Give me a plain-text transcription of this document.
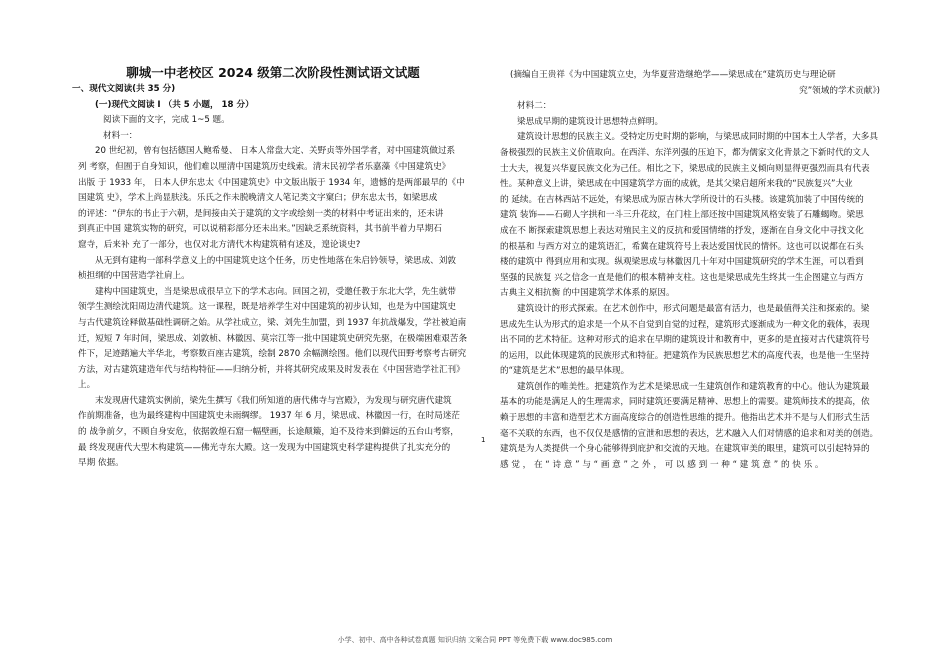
聊城一中老校区 2024 级第二次阶段性测试语文试题
一、现代文阅读(共 35 分)
(一)现代文阅读 I （共 5 小题， 18 分）
阅读下面的文字，完成 1~5 题。
材料一：
20 世纪初，曾有包括德国人鲍希曼、 日本人常盘大定、关野贞等外国学者，对中国建筑做过系
列 考察，但囿于自身知识，他们难以厘清中国建筑历史线索。清末民初学者乐嘉藻《中国建筑史》
出版 于 1933 年， 日本人伊东忠太《中国建筑史》中文版出版于 1934 年，遗憾的是两部最早的《中
国建筑 史》，学术上尚显肤浅。乐氏之作未脱晚清文人笔记类文字窠臼；伊东忠太书，如梁思成
的评述：“伊东的书止于六朝，是间接由关于建筑的文字或绘刻一类的材料中考证出来的，还未讲
到真正中国 建筑实物的研究，可以说稍彩部分还未出来。”因缺乏系统资料，其书前半着力早期石
窟寺，后来补 充了一部分，也仅对北方清代木构建筑稍有述及，遑论谈史?
从无到有建构一部科学意义上的中国建筑史这个任务，历史性地落在朱启钤领导，梁思成、刘敦
桢担纲的中国营造学社肩上。
建构中国建筑史，当是梁思成很早立下的学术志向。回国之初，受邀任教于东北大学，先生就带
领学生测绘沈阳周边清代建筑。这一课程，既是培养学生对中国建筑的初步认知，也是为中国建筑史
与古代建筑诠释做基础性调研之始。从学社成立，梁、刘先生加盟，到 1937 年抗战爆发，学社被迫南
迁，短短 7 年时间，梁思成、刘敦桢、林徽因、莫宗江等一批中国建筑史研究先驱，在极端困难艰苦条
件下，足迹踏遍大半华北，考察数百座古建筑，绘制 2870 余幅测绘图。他们以现代田野考察考古研究
方法，对古建筑建造年代与结构特征——归纳分析，并将其研究成果及时发表在《中国营造学社汇刊》
上。
末发现唐代建筑实例前，梁先生撰写《我们所知道的唐代佛寺与宫殿》，为发现与研究唐代建筑
作前期准备，也为最终建构中国建筑史未雨绸缪。 1937 年 6 月，梁思成、林徽因一行，在时局迷茫
的 战争前夕，不顾自身安危，依据敦煌石窟一幅壁画，长途颠簸，迫不及待来到僻远的五台山考察，
最 终发现唐代大型木构建筑——佛光寺东大殿。这一发现为中国建筑史科学建构提供了扎实充分的
早期 依据。
(摘编自王贵祥《为中国建筑立史，为华夏营造继绝学——梁思成在“建筑历史与理论研
究”领域的学术贡献》)
材料二：
梁思成早期的建筑设计思想特点鲜明。
建筑设计思想的民族主义。受特定历史时期的影响，与梁思成同时期的中国本土人学者，大多具
备极强烈的民族主义价值取向。在西洋、东洋列强的压迫下，都为儒家文化背景之下新时代的文人
士大夫，视复兴华夏民族文化为己任。相比之下，梁思成的民族主义倾向则显得更强烈而具有代表
性。某种意义上讲，梁思成在中国建筑学方面的成就，是其父梁启超所来我的“民族复兴”大业
的 延续。在吉林西站不远处，有梁思成为原吉林大学所设计的石头楼。该建筑加装了中国传统的
建筑 装饰——石砌人字拱和一斗三升花纹，在门柱上部还按中国建筑风格安装了石雕蝎吻。梁思
成在不 断探索建筑思想上表达对殖民主义的反抗和爱国情绪的抒发，逐渐在自身文化中寻找文化
的根基和 与西方对立的建筑语汇，希冀在建筑符号上表达爱国忧民的情怀。这也可以说都在石头
楼的建筑中 得到应用和实现。纵观梁思成与林徽因几十年对中国建筑研究的学术生涯，可以看到
坚强的民族复 兴之信念一直是他们的根本精神支柱。这也是梁思成先生终其一生企图建立与西方
古典主义相抗衡 的中国建筑学术体系的原因。
建筑设计的形式探索。在艺术创作中，形式问题是最富有活力，也是最值得关注和探索的。梁
思成先生认为形式的追求是一个从不自觉到自觉的过程，建筑形式逐渐成为一种文化的载体，表现
出不同的艺术特征。这种对形式的追求在早期的建筑设计和教育中，更多的是直接对古代建筑符号
的运用，以此体现建筑的民族形式和特征。把建筑作为民族思想艺术的高度代表，也是他一生坚持
的“建筑是艺术”思想的最早体现。
建筑创作的唯美性。把建筑作为艺术是梁思成一生建筑创作和建筑教育的中心。他认为建筑最
基本的功能是满足人的生理需求，同时建筑还要满足精神、思想上的需要。建筑师技术的提高，依
赖于思想的丰富和造型艺术方面高度综合的创造性思维的提升。他指出艺术并不是与人们形式生活
毫不关联的东西，也不仅仅是感情的宣泄和思想的表达，艺术融入人们对情感的追求和对美的创造。
建筑是为人类提供一个身心能够得到庇护和交流的天地。在建筑审美的眼里，建筑可以引起特异的
感 觉 ， 在 “ 诗 意 ” 与 “ 画 意 ” 之 外 ， 可 以 感 到 一 种 “ 建 筑 意 ” 的 快 乐 。
1
小学、初中、高中各种试卷真题 知识归纳 文案合同 PPT 等免费下载 www.doc985.com
